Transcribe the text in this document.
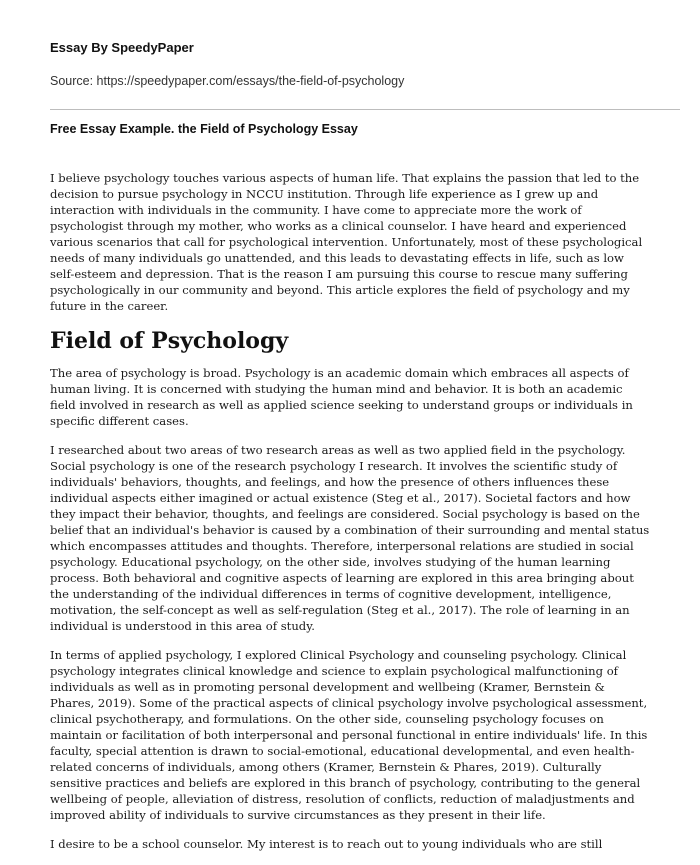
Essay By SpeedyPaper

Source: https://speedypaper.com/essays/the-field-of-psychology

Free Essay Example. the Field of Psychology Essay

I believe psychology touches various aspects of human life. That explains the passion that led to the decision to pursue psychology in NCCU institution. Through life experience as I grew up and interaction with individuals in the community. I have come to appreciate more the work of psychologist through my mother, who works as a clinical counselor. I have heard and experienced various scenarios that call for psychological intervention. Unfortunately, most of these psychological needs of many individuals go unattended, and this leads to devastating effects in life, such as low self-esteem and depression. That is the reason I am pursuing this course to rescue many suffering psychologically in our community and beyond. This article explores the field of psychology and my future in the career.

Field of Psychology

The area of psychology is broad. Psychology is an academic domain which embraces all aspects of human living. It is concerned with studying the human mind and behavior. It is both an academic field involved in research as well as applied science seeking to understand groups or individuals in specific different cases.

I researched about two areas of two research areas as well as two applied field in the psychology. Social psychology is one of the research psychology I research. It involves the scientific study of individuals' behaviors, thoughts, and feelings, and how the presence of others influences these individual aspects either imagined or actual existence (Steg et al., 2017). Societal factors and how they impact their behavior, thoughts, and feelings are considered. Social psychology is based on the belief that an individual's behavior is caused by a combination of their surrounding and mental status which encompasses attitudes and thoughts. Therefore, interpersonal relations are studied in social psychology. Educational psychology, on the other side, involves studying of the human learning process. Both behavioral and cognitive aspects of learning are explored in this area bringing about the understanding of the individual differences in terms of cognitive development, intelligence, motivation, the self-concept as well as self-regulation (Steg et al., 2017). The role of learning in an individual is understood in this area of study.

In terms of applied psychology, I explored Clinical Psychology and counseling psychology. Clinical psychology integrates clinical knowledge and science to explain psychological malfunctioning of individuals as well as in promoting personal development and wellbeing (Kramer, Bernstein & Phares, 2019). Some of the practical aspects of clinical psychology involve psychological assessment, clinical psychotherapy, and formulations. On the other side, counseling psychology focuses on maintain or facilitation of both interpersonal and personal functional in entire individuals' life. In this faculty, special attention is drawn to social-emotional, educational developmental, and even health-related concerns of individuals, among others (Kramer, Bernstein & Phares, 2019). Culturally sensitive practices and beliefs are explored in this branch of psychology, contributing to the general wellbeing of people, alleviation of distress, resolution of conflicts, reduction of maladjustments and improved ability of individuals to survive circumstances as they present in their life.

I desire to be a school counselor. My interest is to reach out to young individuals who are still
